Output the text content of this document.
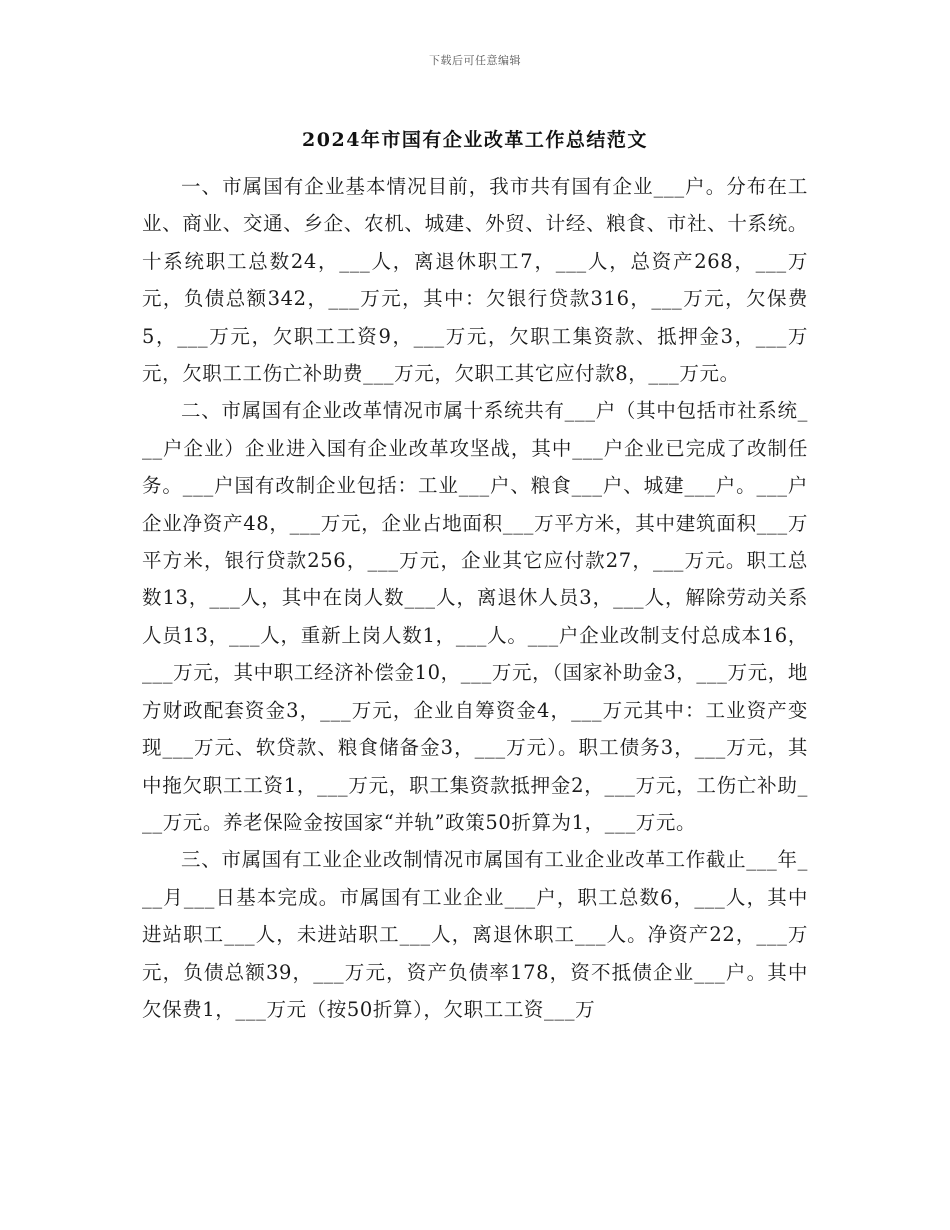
下载后可任意编辑
2024年市国有企业改革工作总结范文

一、市属国有企业基本情况目前，我市共有国有企业___户。分布在工业、商业、交通、乡企、农机、城建、外贸、计经、粮食、市社、十系统。十系统职工总数24，___人，离退休职工7，___人，总资产268，___万元，负债总额342，___万元，其中：欠银行贷款316，___万元，欠保费5，___万元，欠职工工资9，___万元，欠职工集资款、抵押金3，___万元，欠职工工伤亡补助费___万元，欠职工其它应付款8，___万元。

二、市属国有企业改革情况市属十系统共有___户（其中包括市社系统___户企业）企业进入国有企业改革攻坚战，其中___户企业已完成了改制任务。___户国有改制企业包括：工业___户、粮食___户、城建___户。___户企业净资产48，___万元，企业占地面积___万平方米，其中建筑面积___万平方米，银行贷款256，___万元，企业其它应付款27，___万元。职工总数13，___人，其中在岗人数___人，离退休人员3，___人，解除劳动关系人员13，___人，重新上岗人数1，___人。___户企业改制支付总成本16，___万元，其中职工经济补偿金10，___万元，（国家补助金3，___万元，地方财政配套资金3，___万元，企业自筹资金4，___万元其中：工业资产变现___万元、软贷款、粮食储备金3，___万元）。职工债务3，___万元，其中拖欠职工工资1，___万元，职工集资款抵押金2，___万元，工伤亡补助___万元。养老保险金按国家“并轨”政策50折算为1，___万元。

三、市属国有工业企业改制情况市属国有工业企业改革工作截止___年___月___日基本完成。市属国有工业企业___户，职工总数6，___人，其中进站职工___人，未进站职工___人，离退休职工___人。净资产22，___万元，负债总额39，___万元，资产负债率178，资不抵债企业___户。其中欠保费1，___万元（按50折算），欠职工工资___万
